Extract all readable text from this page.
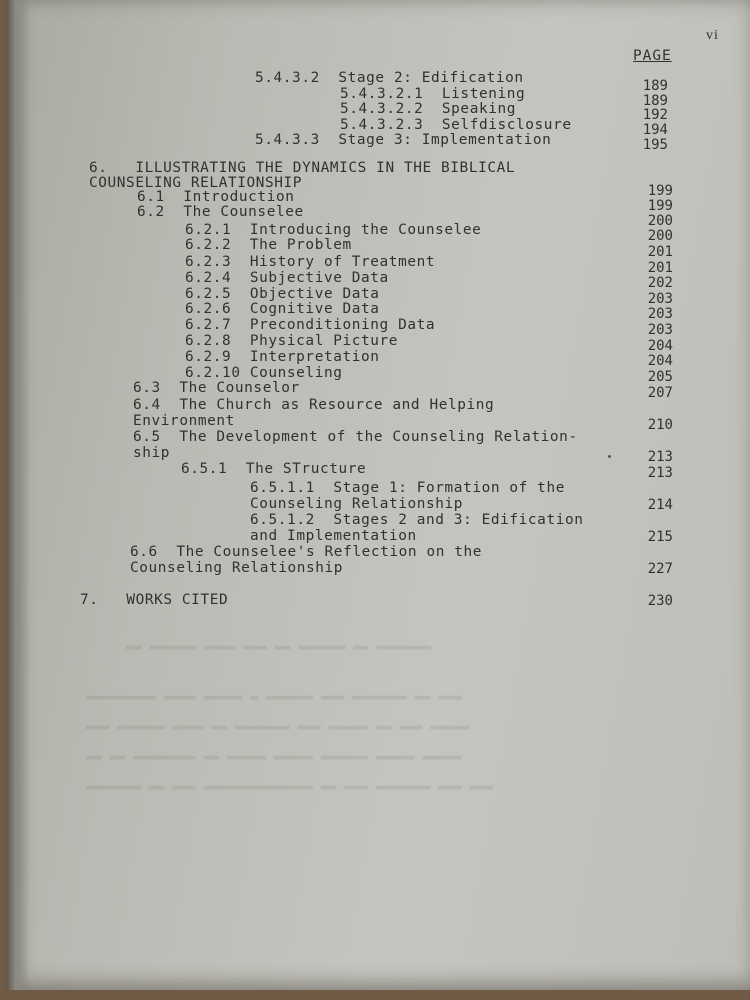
▬▬ ▬▬▬▬▬▬ ▬▬▬▬ ▬▬▬ ▬▬ ▬▬▬▬▬▬ ▬▬ ▬▬▬▬▬▬▬
▬▬▬▬▬▬▬▬▬ ▬▬▬▬ ▬▬▬▬▬ ▬ ▬▬▬▬▬▬ ▬▬▬ ▬▬▬▬▬▬▬ ▬▬ ▬▬▬
▬▬▬ ▬▬▬▬▬▬ ▬▬▬▬ ▬▬ ▬▬▬▬▬▬▬ ▬▬▬ ▬▬▬▬▬ ▬▬ ▬▬▬ ▬▬▬▬▬
▬▬ ▬▬ ▬▬▬▬▬▬▬▬ ▬▬ ▬▬▬▬▬ ▬▬▬▬▬ ▬▬▬▬▬▬ ▬▬▬▬▬ ▬▬▬▬▬
▬▬▬▬▬▬▬ ▬▬ ▬▬▬ ▬▬▬▬▬▬▬▬▬▬▬▬▬▬ ▬▬ ▬▬▬ ▬▬▬▬▬▬▬ ▬▬▬ ▬▬▬
vi
PAGE
5.4.3.2  Stage 2: Edification
5.4.3.2.1  Listening
5.4.3.2.2  Speaking
5.4.3.2.3  Selfdisclosure
5.4.3.3  Stage 3: Implementation
6.   ILLUSTRATING THE DYNAMICS IN THE BIBLICAL
COUNSELING RELATIONSHIP
6.1  Introduction
6.2  The Counselee
6.2.1  Introducing the Counselee
6.2.2  The Problem
6.2.3  History of Treatment
6.2.4  Subjective Data
6.2.5  Objective Data
6.2.6  Cognitive Data
6.2.7  Preconditioning Data
6.2.8  Physical Picture
6.2.9  Interpretation
6.2.10 Counseling
6.3  The Counselor
6.4  The Church as Resource and Helping
Environment
6.5  The Development of the Counseling Relation-
ship
6.5.1  The STructure
6.5.1.1  Stage 1: Formation of the
Counseling Relationship
6.5.1.2  Stages 2 and 3: Edification
and Implementation
6.6  The Counselee's Reflection on the
Counseling Relationship
7.   WORKS CITED
189
189
192
194
195
199
199
200
200
201
201
202
203
203
203
204
204
205
207
210
213
213
214
215
227
230
